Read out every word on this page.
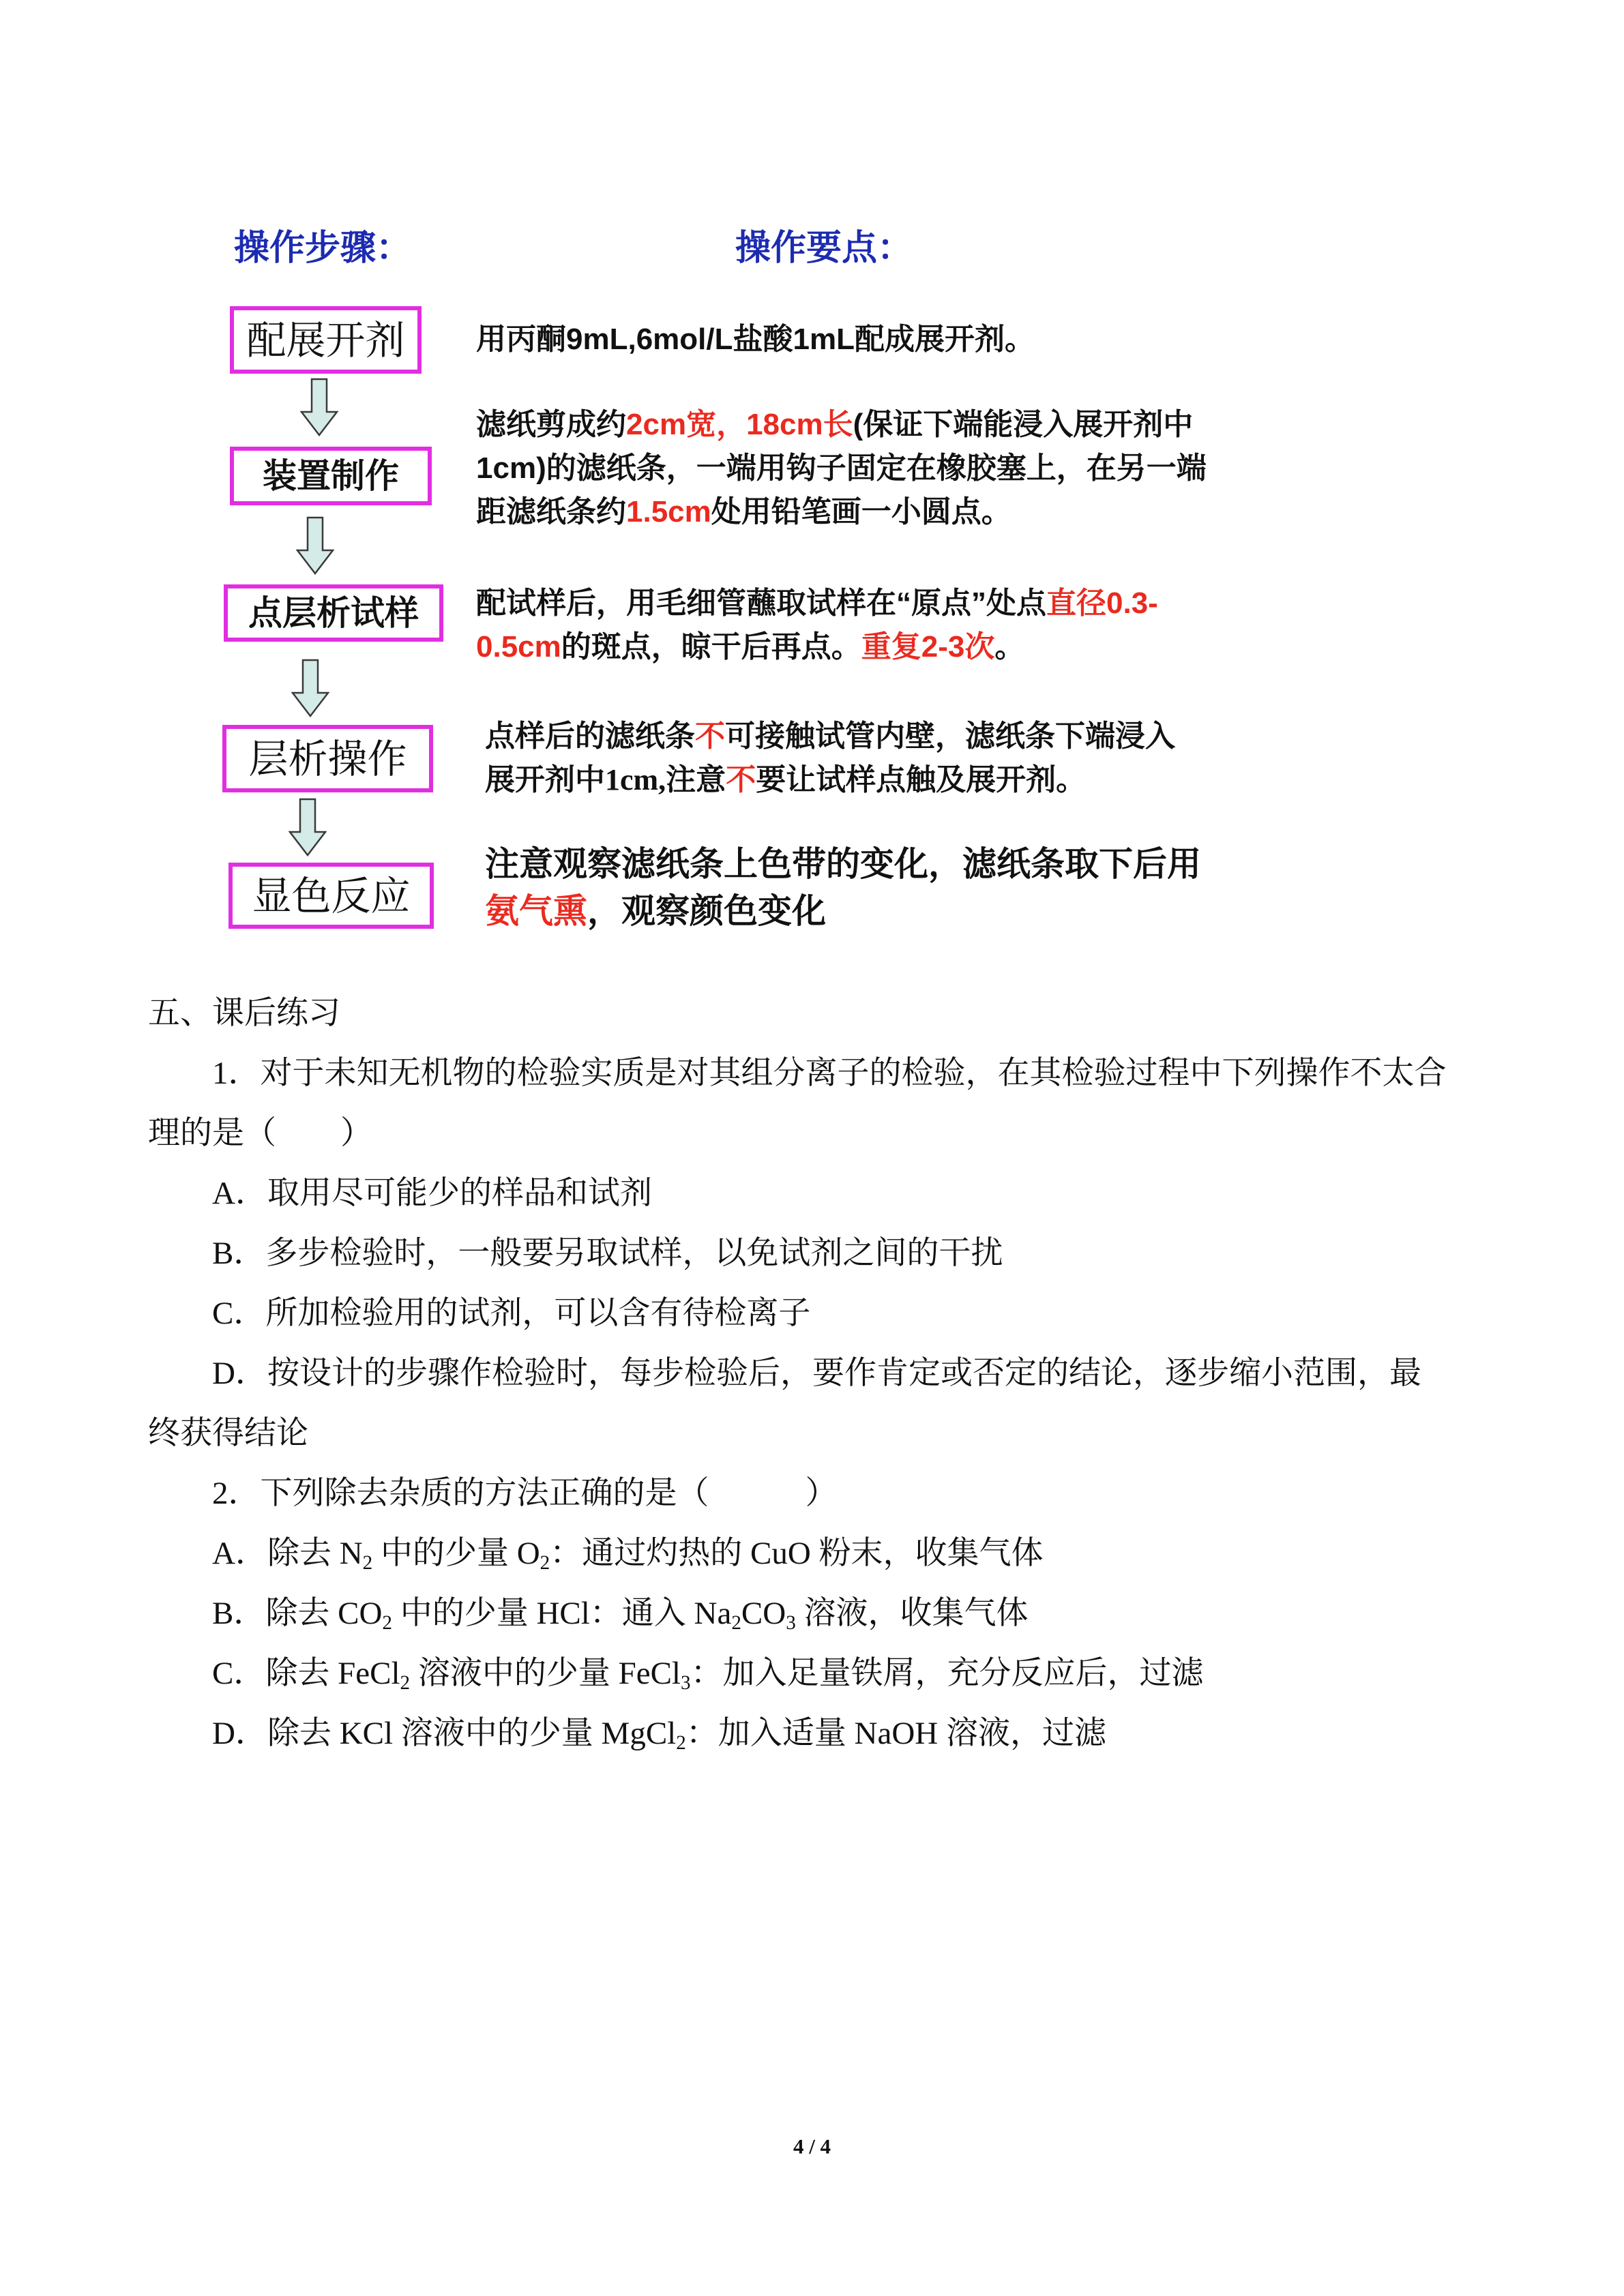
操作步骤：	操作要点：
配展开剂 用丙酮9mL,6mol/L盐酸1mL配成展开剂。
装置制作
滤纸剪成约2cm宽，18cm长(保证下端能浸入展开剂中
1cm)的滤纸条，一端用钩子固定在橡胶塞上，在另一端
距滤纸条约1.5cm处用铅笔画一小圆点。
点层析试样 配试样后，用毛细管蘸取试样在“原点”处点直径0.3-
0.5cm的斑点，晾干后再点。重复2-3次。
层析操作	点样后的滤纸条不可接触试管内壁，滤纸条下端浸入
展开剂中1cm,注意不要让试样点触及展开剂。
显色反应
注意观察滤纸条上色带的变化，滤纸条取下后用
氨气熏，观察颜色变化
五、课后练习
1．对于未知无机物的检验实质是对其组分离子的检验，在其检验过程中下列操作不太合
理的是（　　）
A．取用尽可能少的样品和试剂
B．多步检验时，一般要另取试样，以免试剂之间的干扰
C．所加检验用的试剂，可以含有待检离子
D．按设计的步骤作检验时，每步检验后，要作肯定或否定的结论，逐步缩小范围，最
终获得结论
2．下列除去杂质的方法正确的是（　　　）
A．除去 $N_2$ 中的少量 $O_2$：通过灼热的 CuO 粉末，收集气体
B．除去 $CO_2$ 中的少量 HCl：通入 $Na_2CO_3$ 溶液，收集气体
C．除去 FeCl$_2$ 溶液中的少量 FeCl$_3$：加入足量铁屑，充分反应后，过滤
D．除去 KCl 溶液中的少量 MgCl$_2$：加入适量 NaOH 溶液，过滤
4 / 4
